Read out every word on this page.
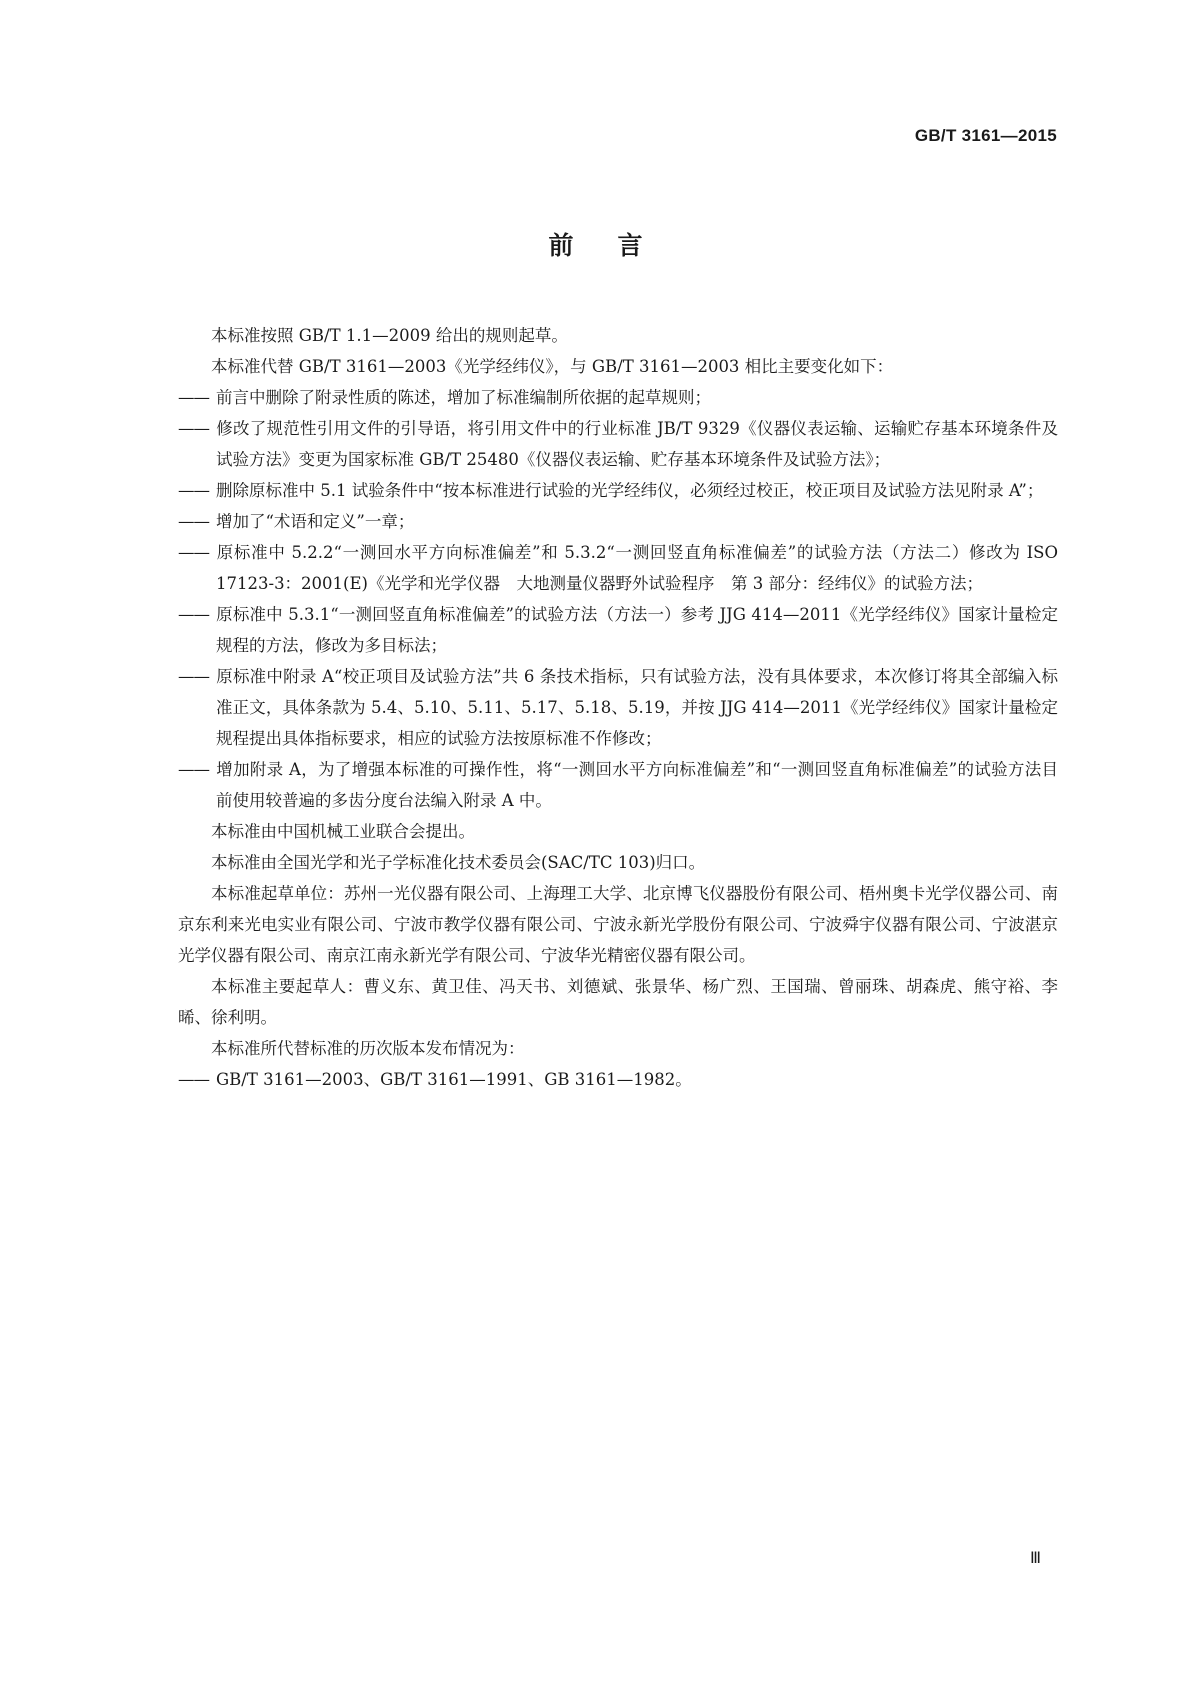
GB/T 3161—2015

前言

本标准按照 GB/T 1.1—2009 给出的规则起草。

本标准代替 GB/T 3161—2003《光学经纬仪》，与 GB/T 3161—2003 相比主要变化如下：

—— 前言中删除了附录性质的陈述，增加了标准编制所依据的起草规则；

—— 修改了规范性引用文件的引导语，将引用文件中的行业标准 JB/T 9329《仪器仪表运输、运输贮存基本环境条件及试验方法》变更为国家标准 GB/T 25480《仪器仪表运输、贮存基本环境条件及试验方法》；

—— 删除原标准中 5.1 试验条件中“按本标准进行试验的光学经纬仪，必须经过校正，校正项目及试验方法见附录 A”；

—— 增加了“术语和定义”一章；

—— 原标准中 5.2.2“一测回水平方向标准偏差”和 5.3.2“一测回竖直角标准偏差”的试验方法（方法二）修改为 ISO 17123-3：2001(E)《光学和光学仪器　大地测量仪器野外试验程序　第 3 部分：经纬仪》的试验方法；

—— 原标准中 5.3.1“一测回竖直角标准偏差”的试验方法（方法一）参考 JJG 414—2011《光学经纬仪》国家计量检定规程的方法，修改为多目标法；

—— 原标准中附录 A“校正项目及试验方法”共 6 条技术指标，只有试验方法，没有具体要求，本次修订将其全部编入标准正文，具体条款为 5.4、5.10、5.11、5.17、5.18、5.19，并按 JJG 414—2011《光学经纬仪》国家计量检定规程提出具体指标要求，相应的试验方法按原标准不作修改；

—— 增加附录 A，为了增强本标准的可操作性，将“一测回水平方向标准偏差”和“一测回竖直角标准偏差”的试验方法目前使用较普遍的多齿分度台法编入附录 A 中。

本标准由中国机械工业联合会提出。

本标准由全国光学和光子学标准化技术委员会(SAC/TC 103)归口。

本标准起草单位：苏州一光仪器有限公司、上海理工大学、北京博飞仪器股份有限公司、梧州奥卡光学仪器公司、南京东利来光电实业有限公司、宁波市教学仪器有限公司、宁波永新光学股份有限公司、宁波舜宇仪器有限公司、宁波湛京光学仪器有限公司、南京江南永新光学有限公司、宁波华光精密仪器有限公司。

本标准主要起草人：曹义东、黄卫佳、冯天书、刘德斌、张景华、杨广烈、王国瑞、曾丽珠、胡森虎、熊守裕、李晞、徐利明。

本标准所代替标准的历次版本发布情况为：

—— GB/T 3161—2003、GB/T 3161—1991、GB 3161—1982。

Ⅲ
